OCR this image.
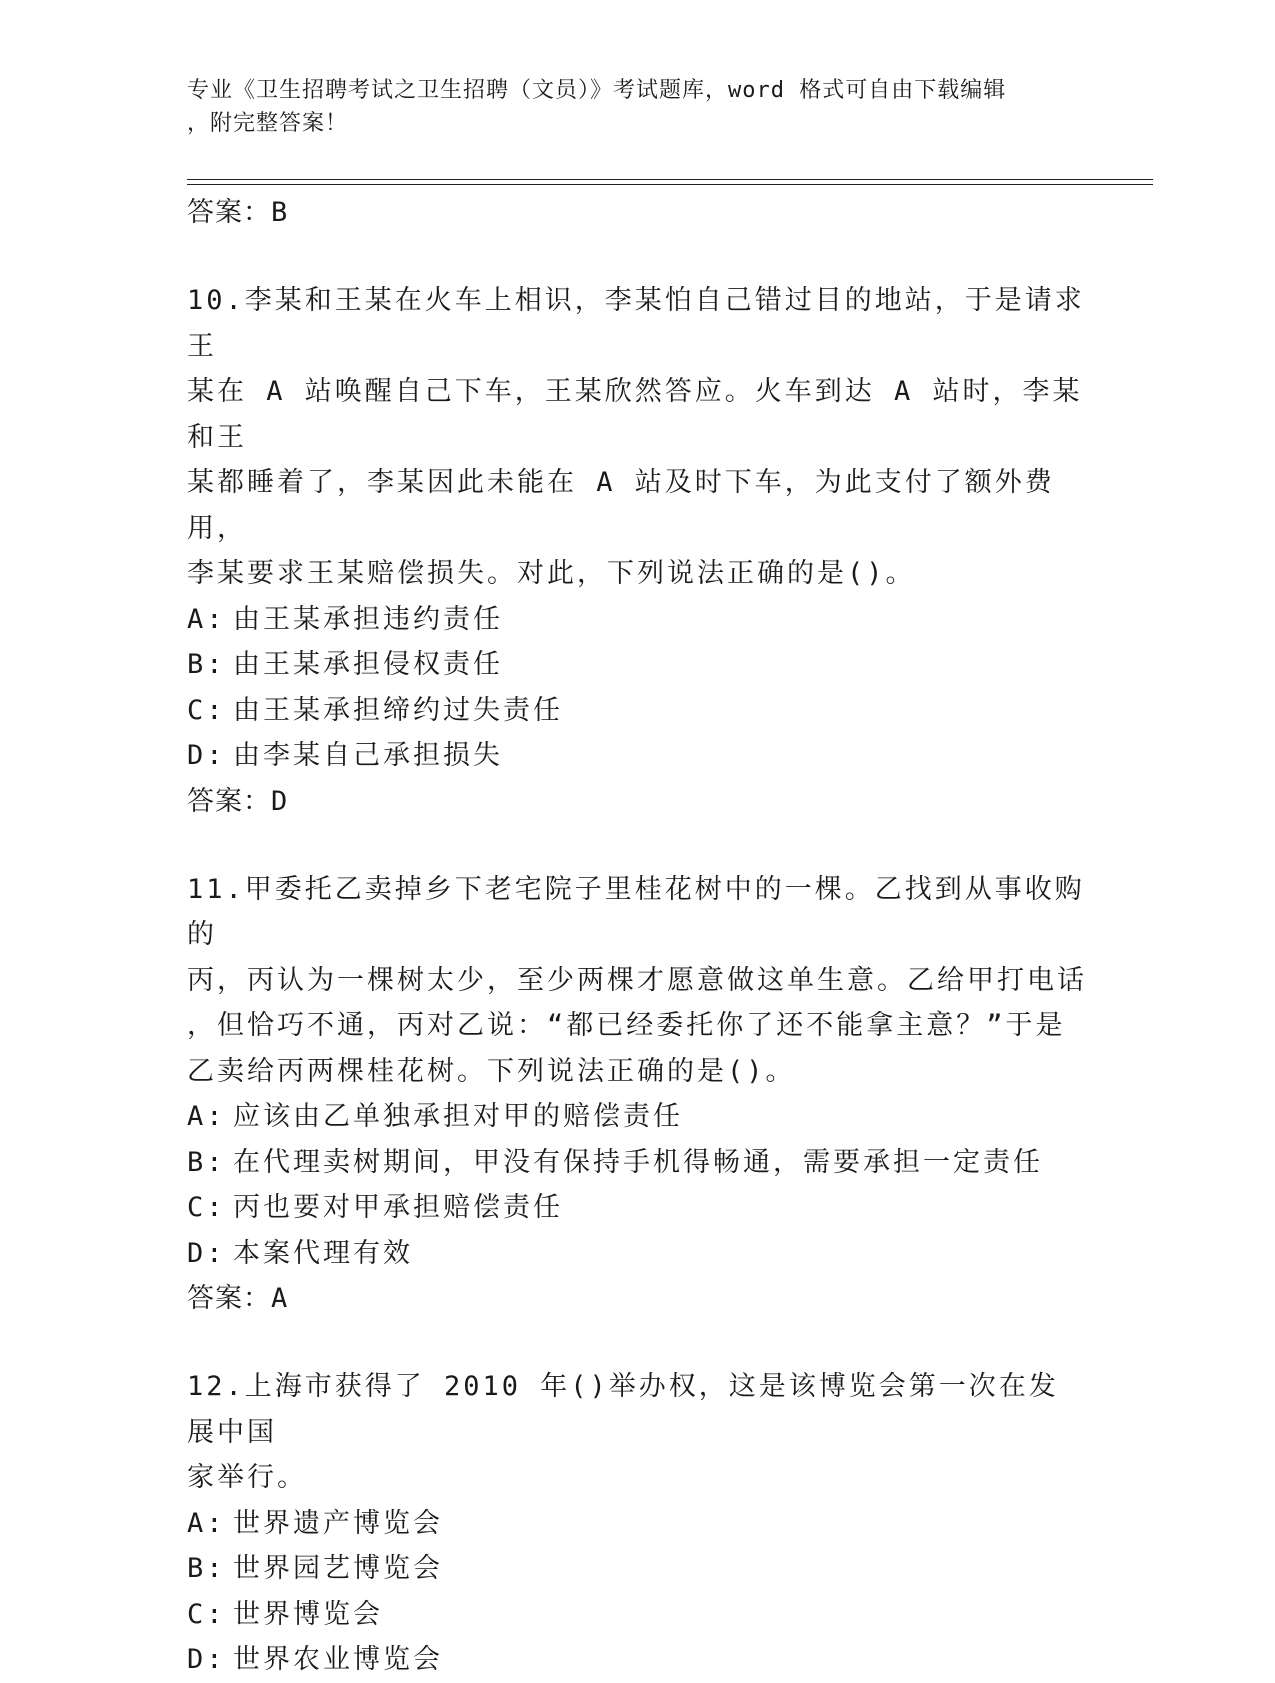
专业《卫生招聘考试之卫生招聘（文员）》考试题库，word 格式可自由下载编辑
，附完整答案！
答案：B
10.李某和王某在火车上相识，李某怕自己错过目的地站，于是请求王
某在 A 站唤醒自己下车，王某欣然答应。火车到达 A 站时，李某和王
某都睡着了，李某因此未能在 A 站及时下车，为此支付了额外费用，
李某要求王某赔偿损失。对此，下列说法正确的是()。
A: 由王某承担违约责任
B: 由王某承担侵权责任
C: 由王某承担缔约过失责任
D: 由李某自己承担损失
答案：D
11.甲委托乙卖掉乡下老宅院子里桂花树中的一棵。乙找到从事收购的
丙，丙认为一棵树太少，至少两棵才愿意做这单生意。乙给甲打电话
，但恰巧不通，丙对乙说：“都已经委托你了还不能拿主意？”于是
乙卖给丙两棵桂花树。下列说法正确的是()。
A: 应该由乙单独承担对甲的赔偿责任
B: 在代理卖树期间，甲没有保持手机得畅通，需要承担一定责任
C: 丙也要对甲承担赔偿责任
D: 本案代理有效
答案：A
12.上海市获得了 2010 年()举办权，这是该博览会第一次在发展中国
家举行。
A: 世界遗产博览会
B: 世界园艺博览会
C: 世界博览会
D: 世界农业博览会
